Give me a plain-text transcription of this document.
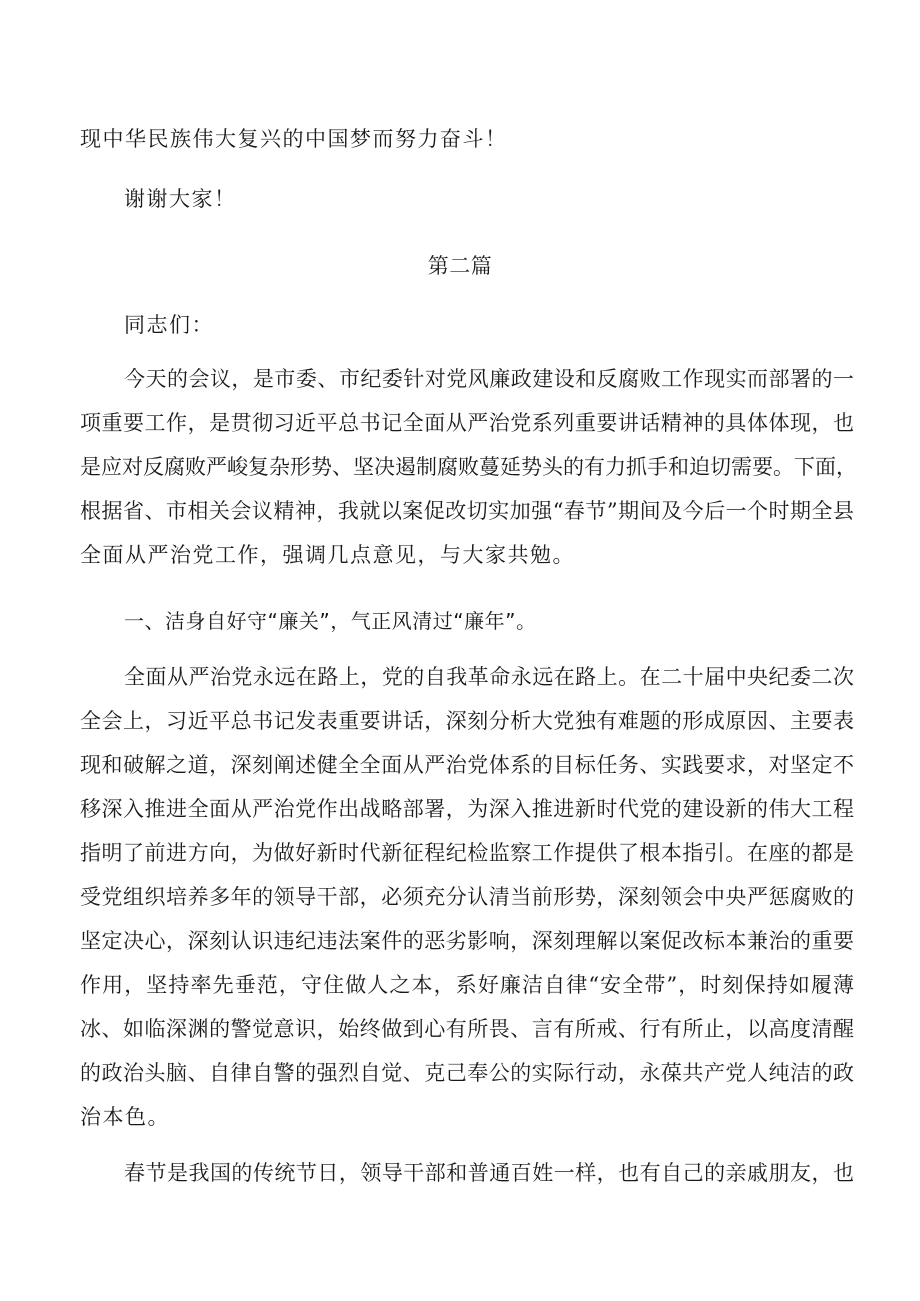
现中华民族伟大复兴的中国梦而努力奋斗！
谢谢大家！
第二篇
同志们：
今天的会议，是市委、市纪委针对党风廉政建设和反腐败工作现实而部署的一
项重要工作，是贯彻习近平总书记全面从严治党系列重要讲话精神的具体体现，也
是应对反腐败严峻复杂形势、坚决遏制腐败蔓延势头的有力抓手和迫切需要。下面，
根据省、市相关会议精神，我就以案促改切实加强“春节”期间及今后一个时期全县
全面从严治党工作，强调几点意见，与大家共勉。
一、洁身自好守“廉关”，气正风清过“廉年”。
全面从严治党永远在路上，党的自我革命永远在路上。在二十届中央纪委二次
全会上，习近平总书记发表重要讲话，深刻分析大党独有难题的形成原因、主要表
现和破解之道，深刻阐述健全全面从严治党体系的目标任务、实践要求，对坚定不
移深入推进全面从严治党作出战略部署，为深入推进新时代党的建设新的伟大工程
指明了前进方向，为做好新时代新征程纪检监察工作提供了根本指引。在座的都是
受党组织培养多年的领导干部，必须充分认清当前形势，深刻领会中央严惩腐败的
坚定决心，深刻认识违纪违法案件的恶劣影响，深刻理解以案促改标本兼治的重要
作用，坚持率先垂范，守住做人之本，系好廉洁自律“安全带”，时刻保持如履薄
冰、如临深渊的警觉意识，始终做到心有所畏、言有所戒、行有所止，以高度清醒
的政治头脑、自律自警的强烈自觉、克己奉公的实际行动，永葆共产党人纯洁的政
治本色。
春节是我国的传统节日，领导干部和普通百姓一样，也有自己的亲戚朋友，也
